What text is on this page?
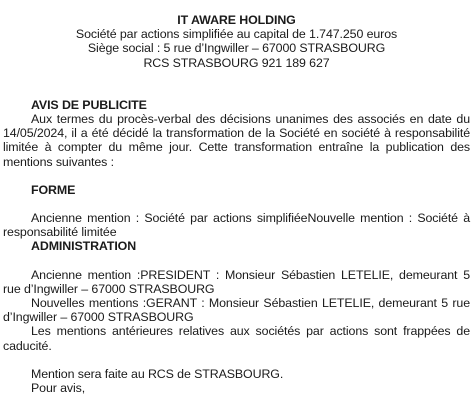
IT AWARE HOLDING
Société par actions simplifiée au capital de 1.747.250 euros
Siège social : 5 rue d’Ingwiller – 67000 STRASBOURG
RCS STRASBOURG 921 189 627
AVIS DE PUBLICITE
Aux termes du procès-verbal des décisions unanimes des associés en date du 14/05/2024, il a été décidé la transformation de la Société en société à responsabilité limitée à compter du même jour. Cette transformation entraîne la publication des mentions suivantes :
FORME
Ancienne mention : Société par actions simplifiéeNouvelle mention : Société à responsabilité limitée
ADMINISTRATION
Ancienne mention :PRESIDENT : Monsieur Sébastien LETELIE, demeurant 5 rue d’Ingwiller – 67000 STRASBOURG
Nouvelles mentions :GERANT : Monsieur Sébastien LETELIE, demeurant 5 rue d’Ingwiller – 67000 STRASBOURG
Les mentions antérieures relatives aux sociétés par actions sont frappées de caducité.
Mention sera faite au RCS de STRASBOURG.
Pour avis,
